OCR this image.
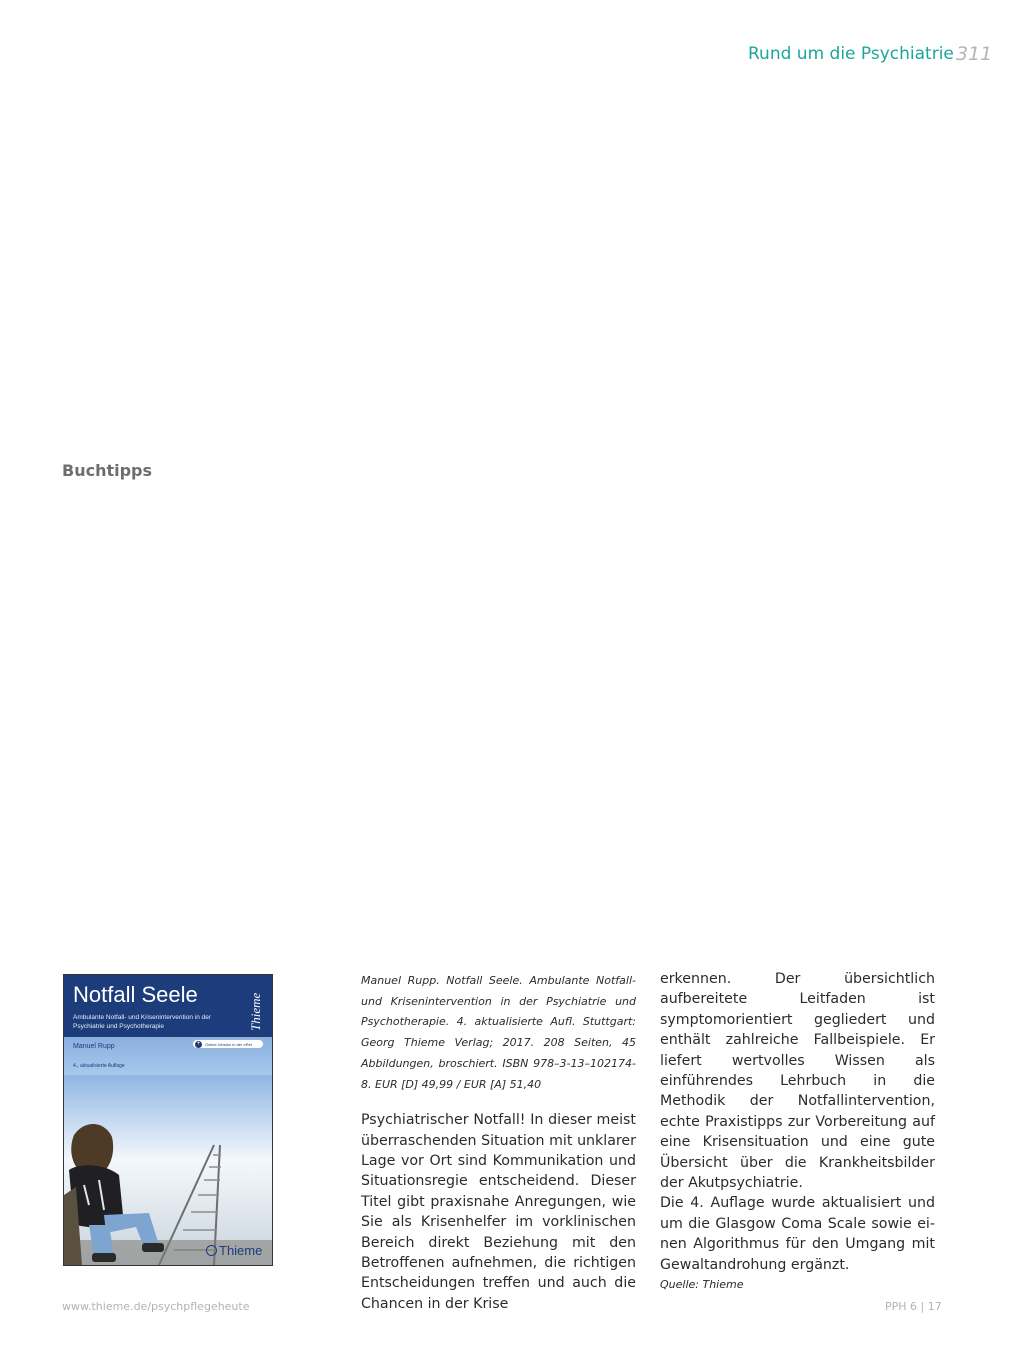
Rund um die Psychiatrie 311
Buchtipps
Notfall Seele
Ambulante Notfall- und Krisenintervention in der Psychiatrie und Psychotherapie	Thieme
Manuel Rupp
4., aktualisierte Auflage
+	Online-Version in der eRef
Thieme

Manuel Rupp. Notfall Seele. Ambulante Notfall- und Krisenintervention in der Psychiatrie und Psychotherapie. 4. aktualisierte Aufl. Stuttgart: Georg Thieme Verlag; 2017. 208 Seiten, 45 Abbildungen, broschiert. ISBN 978–3-13–102174-8. EUR [D] 49,99 / EUR [A] 51,40

Psychiatrischer Notfall! In dieser meist überraschenden Situation mit unklarer Lage vor Ort sind Kommunikation und Situationsregie entscheidend. Dieser Titel gibt praxisnahe Anregungen, wie Sie als Krisenhelfer im vorklinischen Bereich direkt Beziehung mit den Betroffenen aufnehmen, die richtigen Entscheidungen treffen und auch die Chancen in der Krise

erkennen. Der übersichtlich aufbereitete Leitfaden ist symptomorientiert gegliedert und enthält zahlreiche Fallbeispiele. Er liefert wertvolles Wissen als einführendes Lehrbuch in die Methodik der Notfallintervention, echte Praxistipps zur Vorbereitung auf eine Krisensituation und eine gute Übersicht über die Krankheitsbilder der Akutpsychiatrie.

Die 4. Auflage wurde aktualisiert und um die Glasgow Coma Scale sowie einen Algorithmus für den Umgang mit Gewaltandrohung ergänzt.

Quelle: Thieme

www.thieme.de/psychpflegeheute	PPH 6 | 17
